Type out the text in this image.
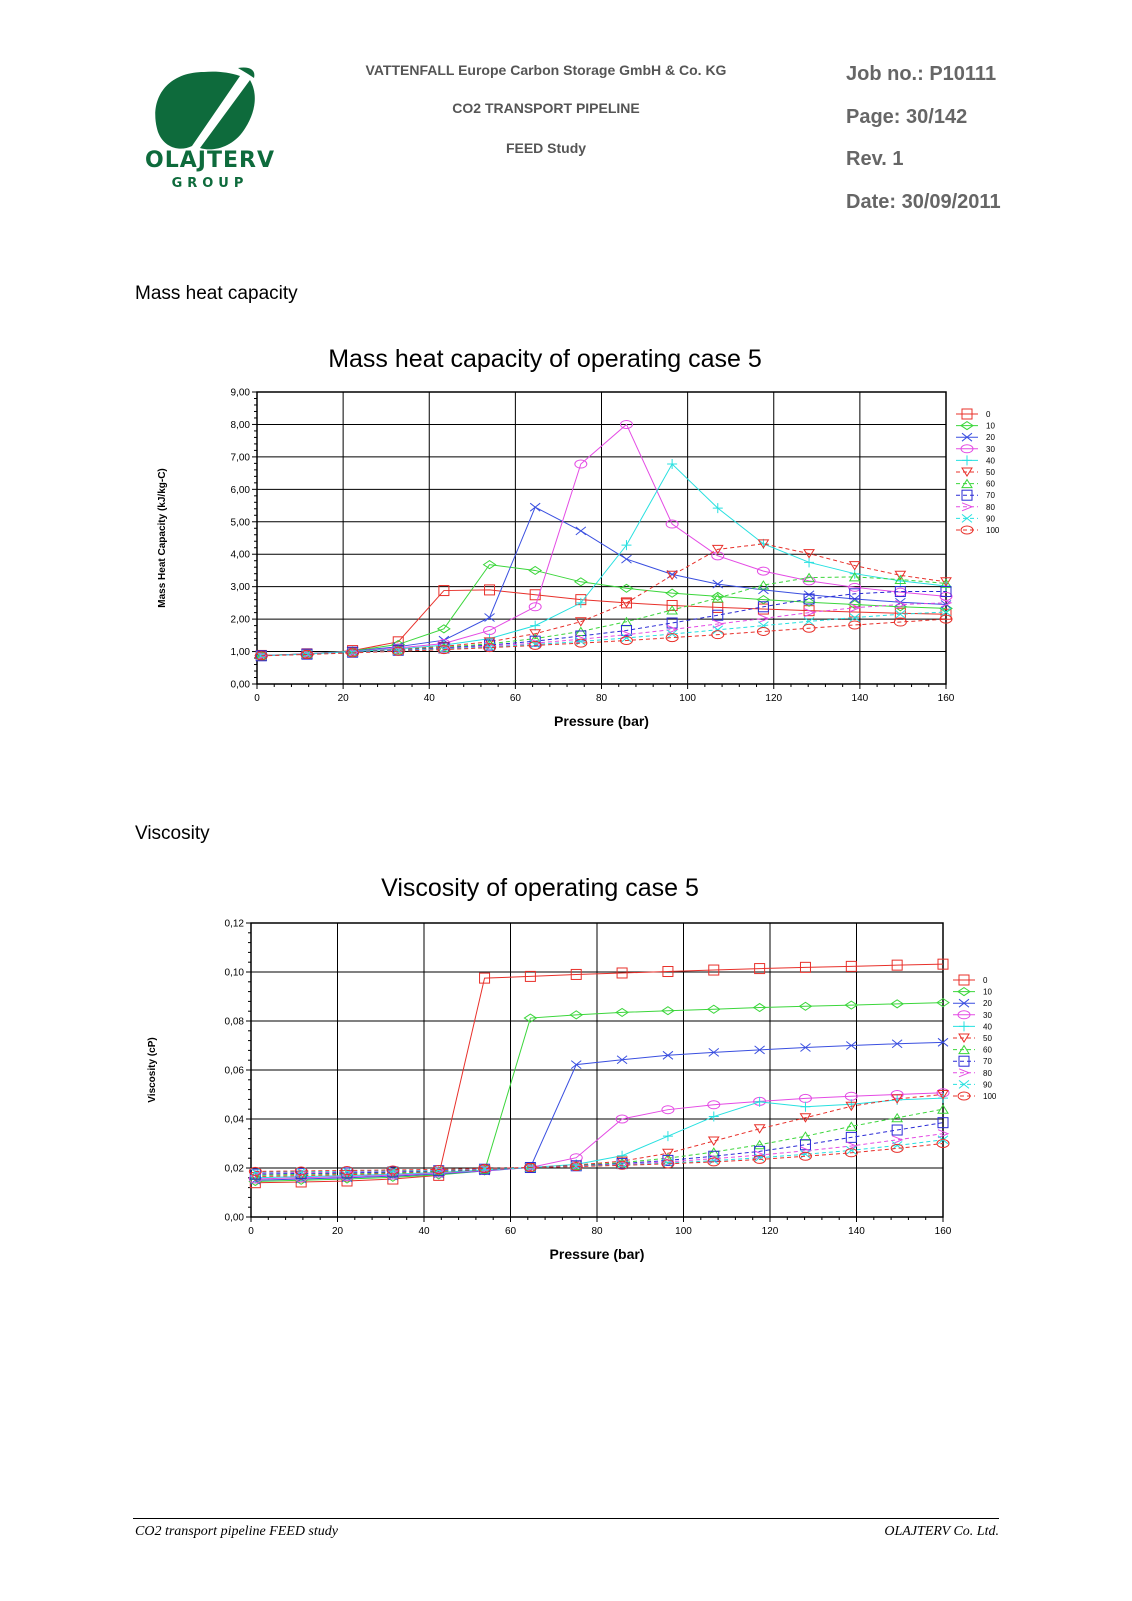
OLAJTERV
GROUP
VATTENFALL Europe Carbon Storage GmbH & Co. KG
CO2 TRANSPORT PIPELINE
FEED Study
Job no.: P10111
Page: 30/142
Rev. 1
Date: 30/09/2011
Mass heat capacity
Viscosity
Mass heat capacity of operating case 5
0	20	40	60	80	100	120	140	160
0,00
1,00
2,00
3,00
4,00
5,00
6,00
7,00
8,00
9,00
Pressure (bar)
Mass Heat Capacity (kJ/kg-C)
0
10
20
30
40
50
60
70
80
90
100
Viscosity of operating case 5
0	20	40	60	80	100	120	140	160
0,00
0,02
0,04
0,06
0,08
0,10
0,12
Pressure (bar)
Viscosity (cP)
0
10
20
30
40
50
60
70
80
90
100
CO2 transport pipeline FEED study	OLAJTERV Co. Ltd.
